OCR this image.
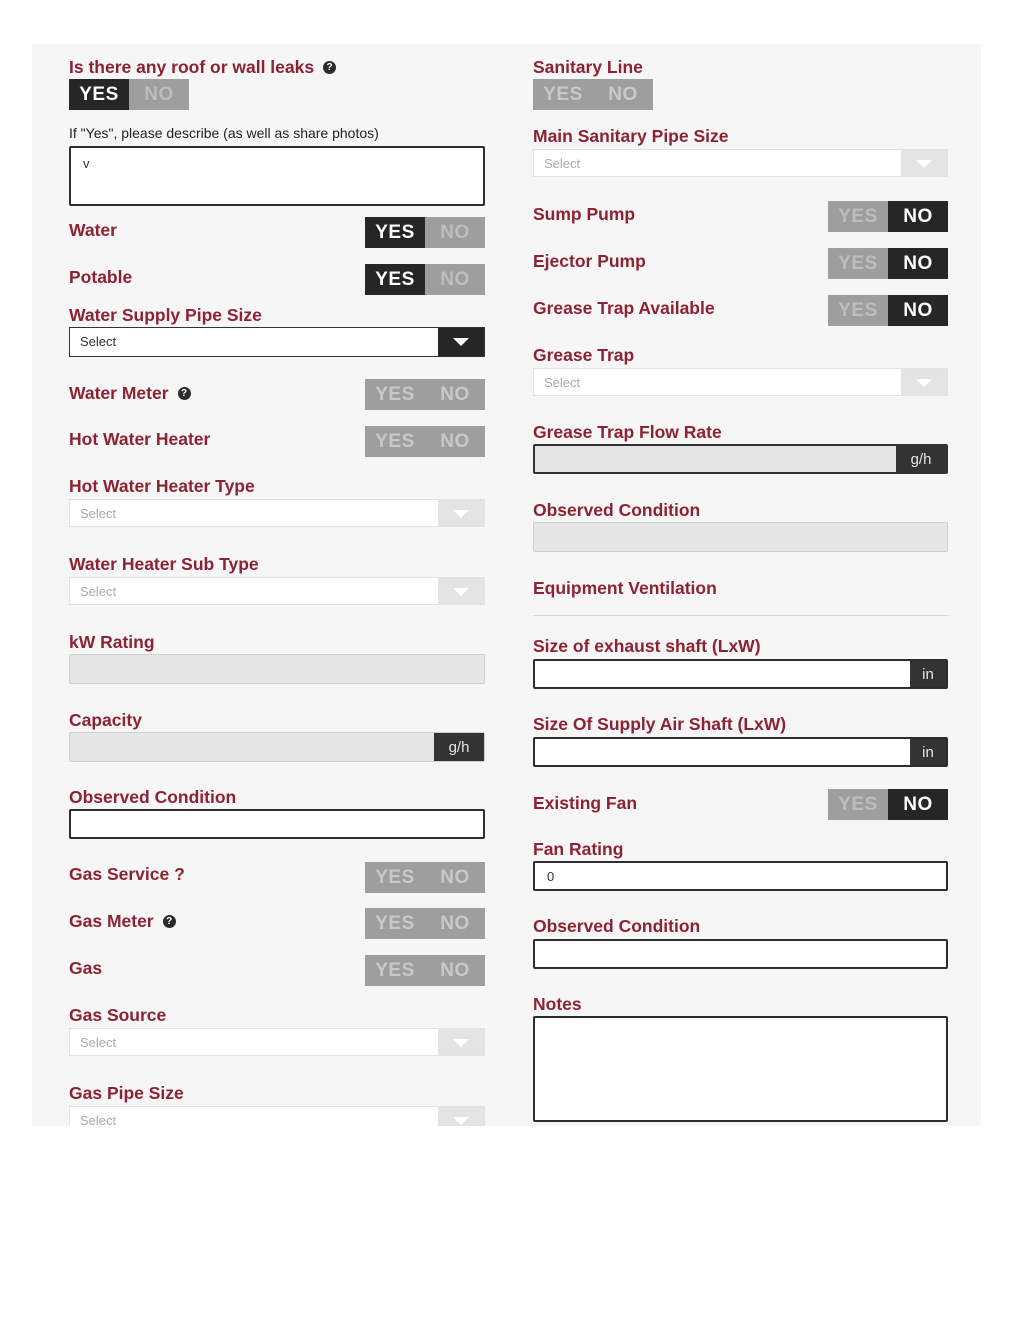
Is there any roof or wall leaks ?
YES	NO
If "Yes", please describe (as well as share photos)
v
Water	YES	NO
Potable	YES	NO
Water Supply Pipe Size
Select
Water Meter ?	YES	NO
Hot Water Heater	YES	NO
Hot Water Heater Type
Select
Water Heater Sub Type
Select
kW Rating
Capacity
g/h
Observed Condition
Gas Service ?	YES	NO
Gas Meter ?	YES	NO
Gas	YES	NO
Gas Source
Select
Gas Pipe Size
Select
Sanitary Line
YES	NO
Main Sanitary Pipe Size
Select
Sump Pump	YES	NO
Ejector Pump	YES	NO
Grease Trap Available	YES	NO
Grease Trap
Select
Grease Trap Flow Rate
g/h
Observed Condition
Equipment Ventilation
Size of exhaust shaft (LxW)
in
Size Of Supply Air Shaft (LxW)
in
Existing Fan	YES	NO
Fan Rating
0
Observed Condition
Notes
